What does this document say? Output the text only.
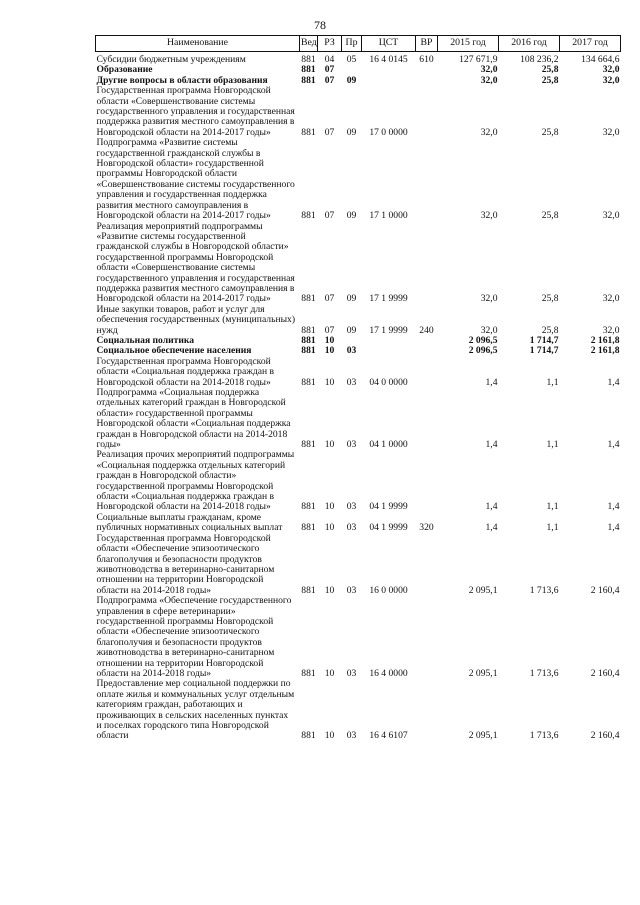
78
Наименование	Вед	РЗ	Пр	ЦСТ	ВР	2015 год	2016 год	2017 год
Субсидии бюджетным учреждениям	881	04	05	16 4 0145	610	127 671,9	108 236,2	134 664,6
Образование	881	07				32,0	25,8	32,0
Другие вопросы в области образования	881	07	09			32,0	25,8	32,0
Государственная программа Новгородской области «Совершенствование системы государственного управления и государственная поддержка развития местного самоуправления в Новгородской области на 2014-2017 годы»	881	07	09	17 0 0000		32,0	25,8	32,0
Подпрограмма «Развитие системы государственной гражданской службы в Новгородской области» государственной программы Новгородской области «Совершенствование системы государственного управления и государственная поддержка развития местного самоуправления в Новгородской области на 2014-2017 годы»	881	07	09	17 1 0000		32,0	25,8	32,0
Реализация мероприятий подпрограммы «Развитие системы государственной гражданской службы в Новгородской области» государственной программы Новгородской области «Совершенствование системы государственного управления и государственная поддержка развития местного самоуправления в Новгородской области на 2014-2017 годы»	881	07	09	17 1 9999		32,0	25,8	32,0
Иные закупки товаров, работ и услуг для обеспечения государственных (муниципальных) нужд	881	07	09	17 1 9999	240	32,0	25,8	32,0
Социальная политика	881	10				2 096,5	1 714,7	2 161,8
Социальное обеспечение населения	881	10	03			2 096,5	1 714,7	2 161,8
Государственная программа Новгородской области «Социальная поддержка граждан в Новгородской области на 2014-2018 годы»	881	10	03	04 0 0000		1,4	1,1	1,4
Подпрограмма «Социальная поддержка отдельных категорий граждан в Новгородской области» государственной программы Новгородской области «Социальная поддержка граждан в Новгородской области на 2014-2018 годы»	881	10	03	04 1 0000		1,4	1,1	1,4
Реализация прочих мероприятий подпрограммы «Социальная поддержка отдельных категорий граждан в Новгородской области» государственной программы Новгородской области «Социальная поддержка граждан в Новгородской области на 2014-2018 годы»	881	10	03	04 1 9999		1,4	1,1	1,4
Социальные выплаты гражданам, кроме публичных нормативных социальных выплат	881	10	03	04 1 9999	320	1,4	1,1	1,4
Государственная программа Новгородской области «Обеспечение эпизоотического благополучия и безопасности продуктов животноводства в ветеринарно-санитарном отношении на территории Новгородской области на 2014-2018 годы»	881	10	03	16 0 0000		2 095,1	1 713,6	2 160,4
Подпрограмма «Обеспечение государственного управления в сфере ветеринарии» государственной программы Новгородской области «Обеспечение эпизоотического благополучия и безопасности продуктов животноводства в ветеринарно-санитарном отношении на территории Новгородской области на 2014-2018 годы»	881	10	03	16 4 0000		2 095,1	1 713,6	2 160,4
Предоставление мер социальной поддержки по оплате жилья и коммунальных услуг отдельным категориям граждан, работающих и проживающих в сельских населенных пунктах и поселках городского типа Новгородской области	881	10	03	16 4 6107		2 095,1	1 713,6	2 160,4
